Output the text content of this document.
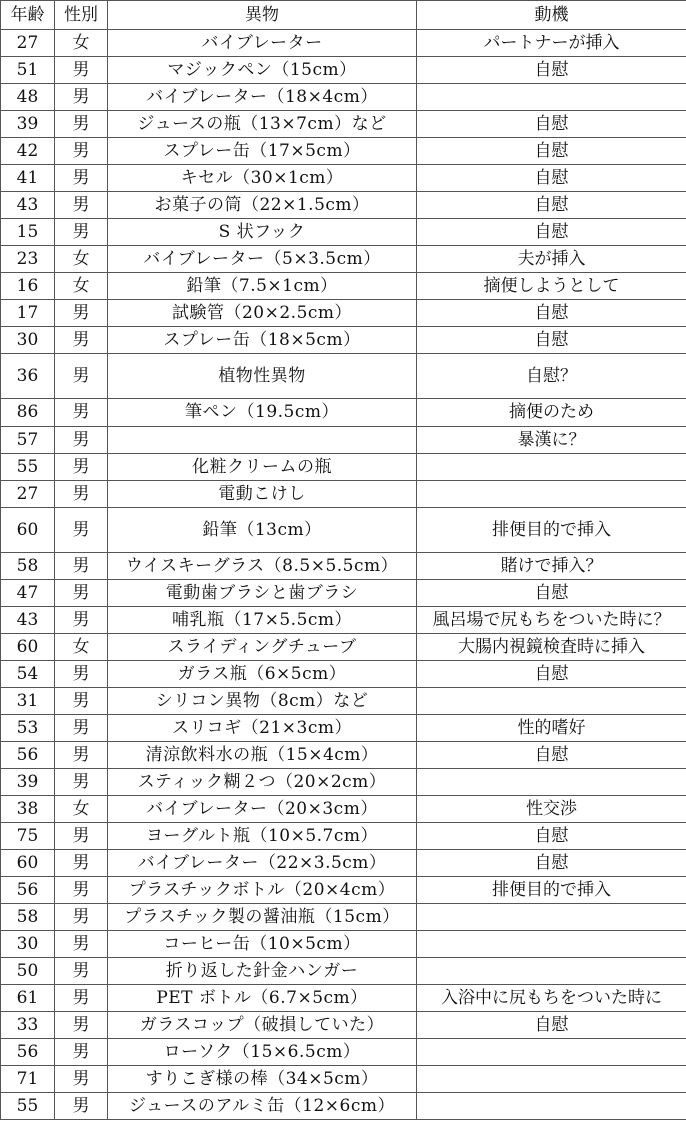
年齢	性別	異物	動機
27	女	バイブレーター	パートナーが挿入
51	男	マジックペン（15cm）	自慰
48	男	バイブレーター（18×4cm）	
39	男	ジュースの瓶（13×7cm）など	自慰
42	男	スプレー缶（17×5cm）	自慰
41	男	キセル（30×1cm）	自慰
43	男	お菓子の筒（22×1.5cm）	自慰
15	男	S 状フック	自慰
23	女	バイブレーター（5×3.5cm）	夫が挿入
16	女	鉛筆（7.5×1cm）	摘便しようとして
17	男	試験管（20×2.5cm）	自慰
30	男	スプレー缶（18×5cm）	自慰
36	男	植物性異物	自慰？
86	男	筆ペン（19.5cm）	摘便のため
57	男		暴漢に？
55	男	化粧クリームの瓶	
27	男	電動こけし	
60	男	鉛筆（13cm）	排便目的で挿入
58	男	ウイスキーグラス（8.5×5.5cm）	賭けで挿入？
47	男	電動歯ブラシと歯ブラシ	自慰
43	男	哺乳瓶（17×5.5cm）	風呂場で尻もちをついた時に？
60	女	スライディングチューブ	大腸内視鏡検査時に挿入
54	男	ガラス瓶（6×5cm）	自慰
31	男	シリコン異物（8cm）など	
53	男	スリコギ（21×3cm）	性的嗜好
56	男	清涼飲料水の瓶（15×4cm）	自慰
39	男	スティック糊２つ（20×2cm）	
38	女	バイブレーター（20×3cm）	性交渉
75	男	ヨーグルト瓶（10×5.7cm）	自慰
60	男	バイブレーター（22×3.5cm）	自慰
56	男	プラスチックボトル（20×4cm）	排便目的で挿入
58	男	プラスチック製の醤油瓶（15cm）	
30	男	コーヒー缶（10×5cm）	
50	男	折り返した針金ハンガー	
61	男	PET ボトル（6.7×5cm）	入浴中に尻もちをついた時に
33	男	ガラスコップ（破損していた）	自慰
56	男	ローソク（15×6.5cm）	
71	男	すりこぎ様の棒（34×5cm）	
55	男	ジュースのアルミ缶（12×6cm）	
